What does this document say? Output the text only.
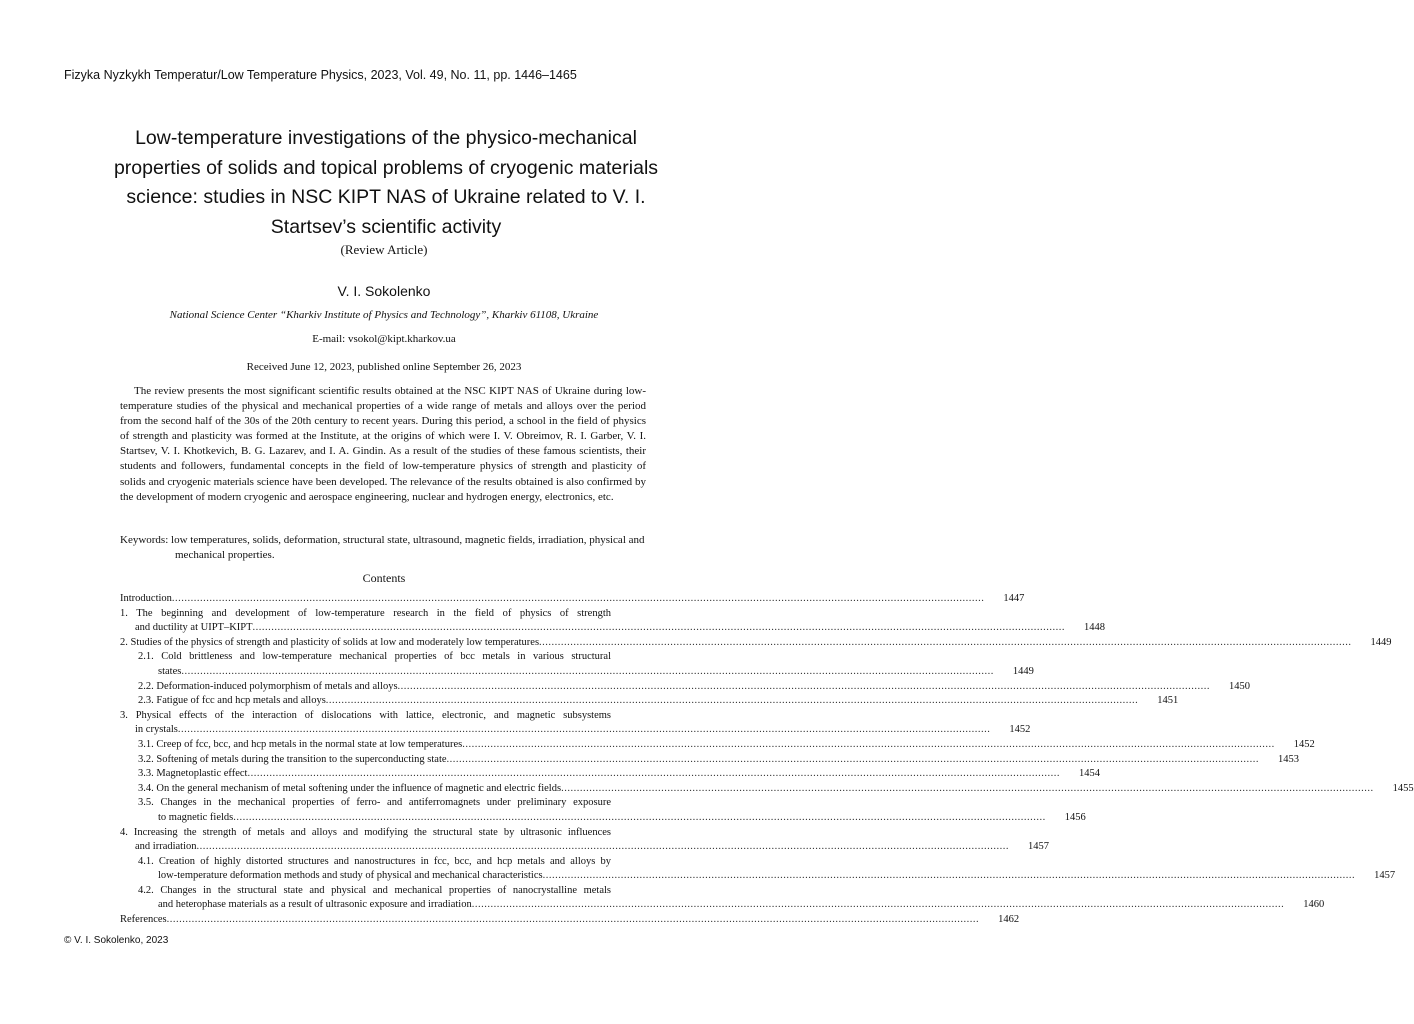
Fizyka Nyzkykh Temperatur/Low Temperature Physics, 2023, Vol. 49, No. 11, pp. 1446–1465
Low-temperature investigations of the physico-mechanical properties of solids and topical problems of cryogenic materials science: studies in NSC KIPT NAS of Ukraine related to V. I. Startsev’s scientific activity
(Review Article)
V. I. Sokolenko
National Science Center “Kharkiv Institute of Physics and Technology”, Kharkiv 61108, Ukraine
E-mail: vsokol@kipt.kharkov.ua
Received June 12, 2023, published online September 26, 2023

The review presents the most significant scientific results obtained at the NSC KIPT NAS of Ukraine during low-temperature studies of the physical and mechanical properties of a wide range of metals and alloys over the period from the second half of the 30s of the 20th century to recent years. During this period, a school in the field of physics of strength and plasticity was formed at the Institute, at the origins of which were I. V. Obreimov, R. I. Garber, V. I. Startsev, V. I. Khotkevich, B. G. Lazarev, and I. A. Gindin. As a result of the studies of these famous scientists, their students and followers, fundamental concepts in the field of low-temperature physics of strength and plasticity of solids and cryogenic materials science have been developed. The relevance of the results obtained is also confirmed by the development of modern cryogenic and aerospace engineering, nuclear and hydrogen energy, electronics, etc.

Keywords: low temperatures, solids, deformation, structural state, ultrasound, magnetic fields, irradiation, physical and mechanical properties.

Contents
Introduction ....................................................................................................................................................................................................................................................................	1447
1. The beginning and development of low-temperature research in the field of physics of strength
and ductility at UIPT–KIPT ....................................................................................................................................................................................................................................................................	1448
2. Studies of the physics of strength and plasticity of solids at low and moderately low temperatures ....................................................................................................................................................................................................................................................................	1449
2.1. Cold brittleness and low-temperature mechanical properties of bcc metals in various structural
states ....................................................................................................................................................................................................................................................................	1449
2.2. Deformation-induced polymorphism of metals and alloys ....................................................................................................................................................................................................................................................................	1450
2.3. Fatigue of fcc and hcp metals and alloys ....................................................................................................................................................................................................................................................................	1451
3. Physical effects of the interaction of dislocations with lattice, electronic, and magnetic subsystems
in crystals ....................................................................................................................................................................................................................................................................	1452
3.1. Creep of fcc, bcc, and hcp metals in the normal state at low temperatures ....................................................................................................................................................................................................................................................................	1452
3.2. Softening of metals during the transition to the superconducting state ....................................................................................................................................................................................................................................................................	1453
3.3. Magnetoplastic effect ....................................................................................................................................................................................................................................................................	1454
3.4. On the general mechanism of metal softening under the influence of magnetic and electric fields ....................................................................................................................................................................................................................................................................	1455
3.5. Changes in the mechanical properties of ferro- and antiferromagnets under preliminary exposure
to magnetic fields ....................................................................................................................................................................................................................................................................	1456
4. Increasing the strength of metals and alloys and modifying the structural state by ultrasonic influences
and irradiation ....................................................................................................................................................................................................................................................................	1457
4.1. Creation of highly distorted structures and nanostructures in fcc, bcc, and hcp metals and alloys by
low-temperature deformation methods and study of physical and mechanical characteristics ....................................................................................................................................................................................................................................................................	1457
4.2. Changes in the structural state and physical and mechanical properties of nanocrystalline metals
and heterophase materials as a result of ultrasonic exposure and irradiation ....................................................................................................................................................................................................................................................................	1460
References ....................................................................................................................................................................................................................................................................	1462
© V. I. Sokolenko, 2023
